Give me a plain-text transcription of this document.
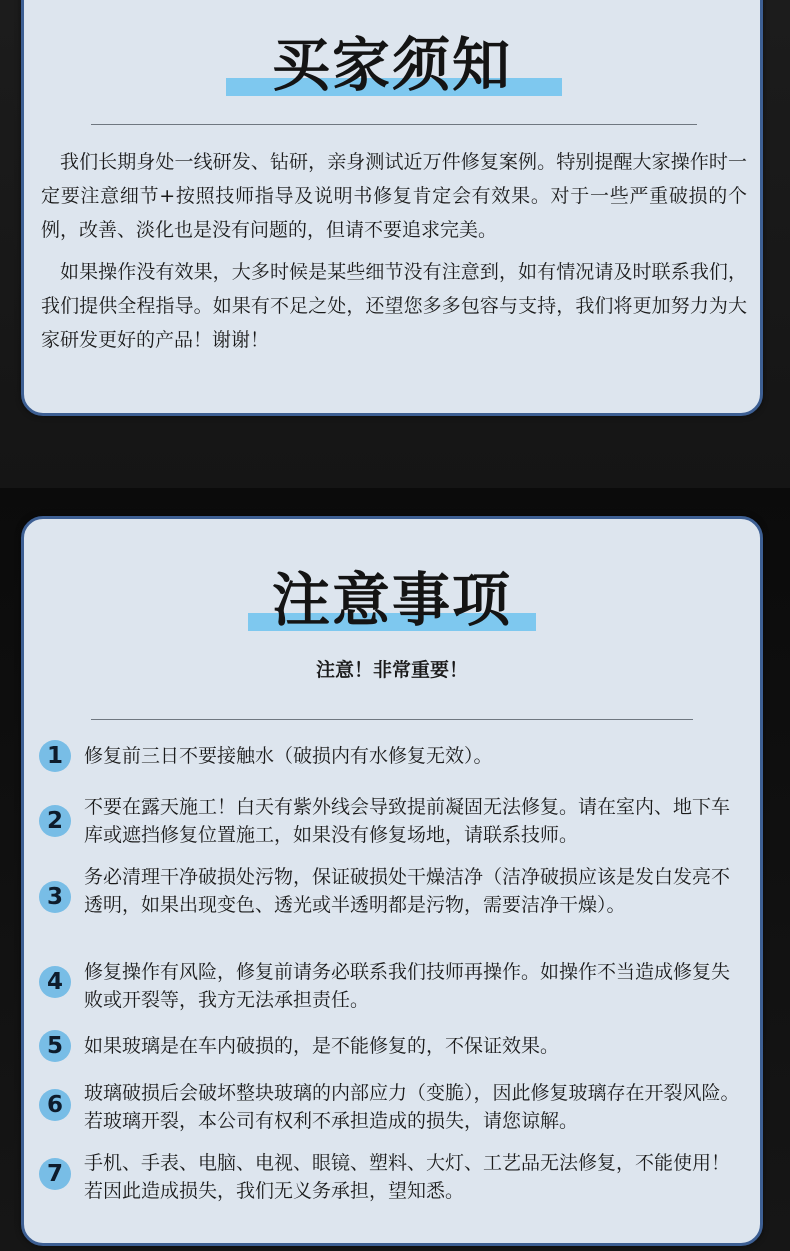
买家须知

我们长期身处一线研发、钻研，亲身测试近万件修复案例。特别提醒大家操作时一定要注意细节+按照技师指导及说明书修复肯定会有效果。对于一些严重破损的个例，改善、淡化也是没有问题的，但请不要追求完美。

如果操作没有效果，大多时候是某些细节没有注意到，如有情况请及时联系我们，我们提供全程指导。如果有不足之处，还望您多多包容与支持，我们将更加努力为大家研发更好的产品！谢谢！

注意事项
注意！非常重要！
1	修复前三日不要接触水（破损内有水修复无效）。

2

不要在露天施工！白天有紫外线会导致提前凝固无法修复。请在室内、地下车库或遮挡修复位置施工，如果没有修复场地，请联系技师。

3

务必清理干净破损处污物，保证破损处干燥洁净（洁净破损应该是发白发亮不透明，如果出现变色、透光或半透明都是污物，需要洁净干燥）。

4	修复操作有风险，修复前请务必联系我们技师再操作。如操作不当造成修复失败或开裂等，我方无法承担责任。

5	如果玻璃是在车内破损的，是不能修复的，不保证效果。

6	玻璃破损后会破坏整块玻璃的内部应力（变脆），因此修复玻璃存在开裂风险。若玻璃开裂，本公司有权利不承担造成的损失，请您谅解。

7	手机、手表、电脑、电视、眼镜、塑料、大灯、工艺品无法修复，不能使用！若因此造成损失，我们无义务承担，望知悉。
